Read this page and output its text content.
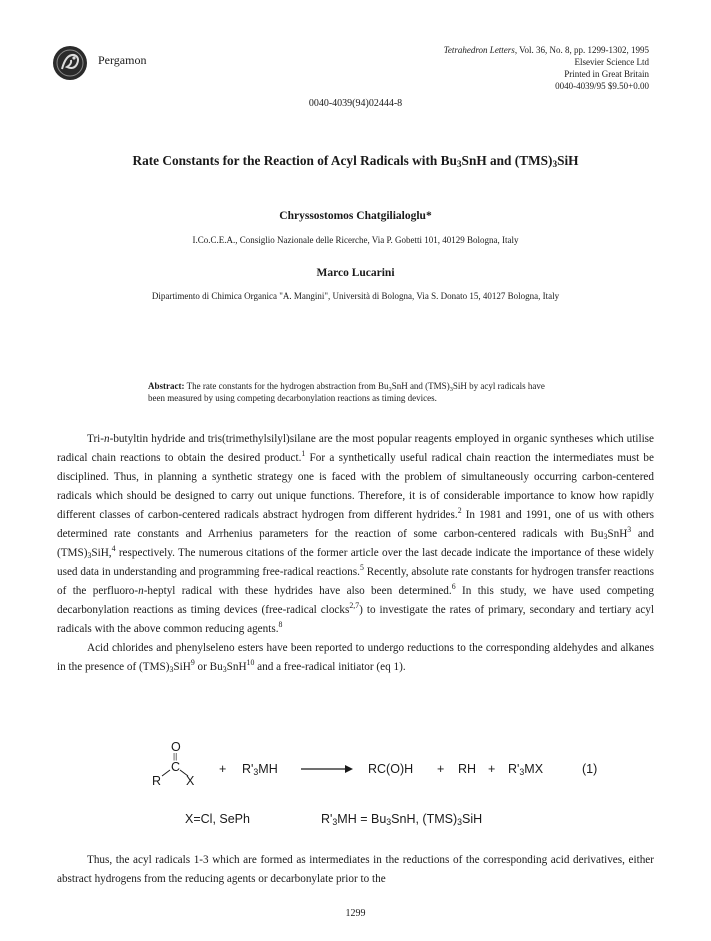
Pergamon
Tetrahedron Letters, Vol. 36, No. 8, pp. 1299-1302, 1995
Elsevier Science Ltd
Printed in Great Britain
0040-4039/95 $9.50+0.00
0040-4039(94)02444-8
Rate Constants for the Reaction of Acyl Radicals with $Bu_3SnH$ and $(TMS)_3SiH$
Chryssostomos Chatgilialoglu*
I.Co.C.E.A., Consiglio Nazionale delle Ricerche, Via P. Gobetti 101, 40129 Bologna, Italy
Marco Lucarini
Dipartimento di Chimica Organica "A. Mangini", Università di Bologna, Via S. Donato 15, 40127 Bologna, Italy
Abstract: The rate constants for the hydrogen abstraction from $Bu_3SnH$ and $(TMS)_3SiH$ by acyl radicals have been measured by using competing decarbonylation reactions as timing devices.

Tri-n-butyltin hydride and tris(trimethylsilyl)silane are the most popular reagents employed in organic syntheses which utilise radical chain reactions to obtain the desired product.$^1$ For a synthetically useful radical chain reaction the intermediates must be disciplined. Thus, in planning a synthetic strategy one is faced with the problem of simultaneously occurring carbon-centered radicals which should be designed to carry out unique functions. Therefore, it is of considerable importance to know how rapidly different classes of carbon-centered radicals abstract hydrogen from different hydrides.$^2$ In 1981 and 1991, one of us with others determined rate constants and Arrhenius parameters for the reaction of some carbon-centered radicals with $Bu_3SnH^3$ and $(TMS)_3SiH,^4$ respectively. The numerous citations of the former article over the last decade indicate the importance of these widely used data in understanding and programming free-radical reactions.$^5$ Recently, absolute rate constants for hydrogen transfer reactions of the perfluoro-n-heptyl radical with these hydrides have also been determined.$^6$ In this study, we have used competing decarbonylation reactions as timing devices (free-radical clocks$^{2,7}$) to investigate the rates of primary, secondary and tertiary acyl radicals with the above common reducing agents.$^8$

Acid chlorides and phenylseleno esters have been reported to undergo reductions to the corresponding aldehydes and alkanes in the presence of $(TMS)_3SiH^9$ or $Bu_3SnH^{10}$ and a free-radical initiator (eq 1).

O
||
C
R X
+ $R'_3MH$	RC(O)H + RH + $R'_3MX$	(1)
X=Cl, SePh	$R'_3MH = Bu_3SnH$, $(TMS)_3SiH$

Thus, the acyl radicals 1-3 which are formed as intermediates in the reductions of the corresponding acid derivatives, either abstract hydrogens from the reducing agents or decarbonylate prior to the

1299
